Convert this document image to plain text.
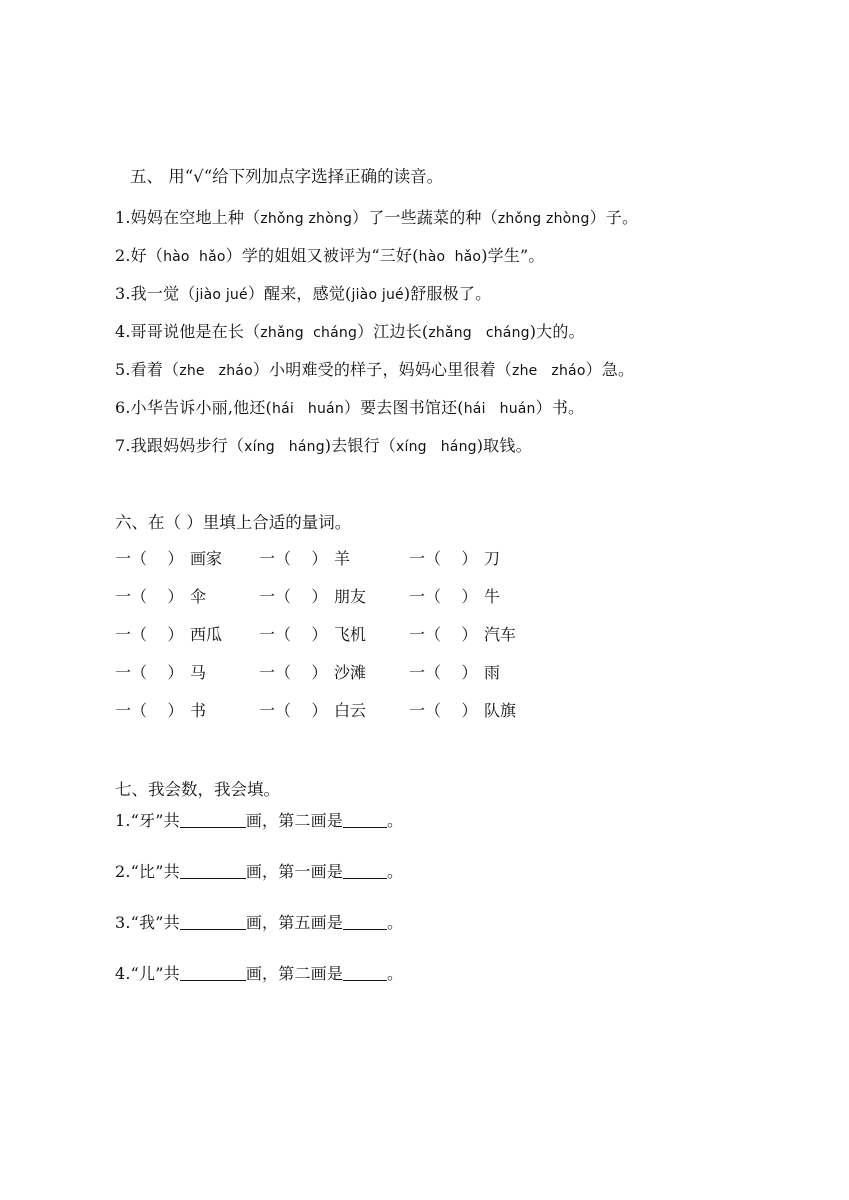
五、 用“√“给下列加点字选择正确的读音。
1.妈妈在空地上种（zhǒng zhòng）了一些蔬菜的种（zhǒng zhòng）子。
2.好（hào  hǎo）学的姐姐又被评为“三好(hào  hǎo)学生”。
3.我一觉（jiào jué）醒来，感觉(jiào jué)舒服极了。
4.哥哥说他是在长（zhǎng  cháng）江边长(zhǎng   cháng)大的。
5.看着（zhe   zháo）小明难受的样子，妈妈心里很着（zhe   zháo）急。
6.小华告诉小丽,他还(hái   huán）要去图书馆还(hái   huán）书。
7.我跟妈妈步行（xíng   háng)去银行（xíng   háng)取钱。
六、在（ ）里填上合适的量词。
一（    ） 画家 一（    ） 羊	一（    ） 刀
一（    ） 伞	一（    ） 朋友	一（    ） 牛
一（    ） 西瓜 一（    ） 飞机	一（    ） 汽车
一（    ） 马	一（    ） 沙滩	一（    ） 雨
一（    ） 书	一（    ） 白云	一（    ） 队旗
七、我会数，我会填。
1.“牙”共	画，第二画是	。
2.“比”共	画，第一画是	。
3.“我”共	画，第五画是	。
4.“儿”共	画，第二画是	。
